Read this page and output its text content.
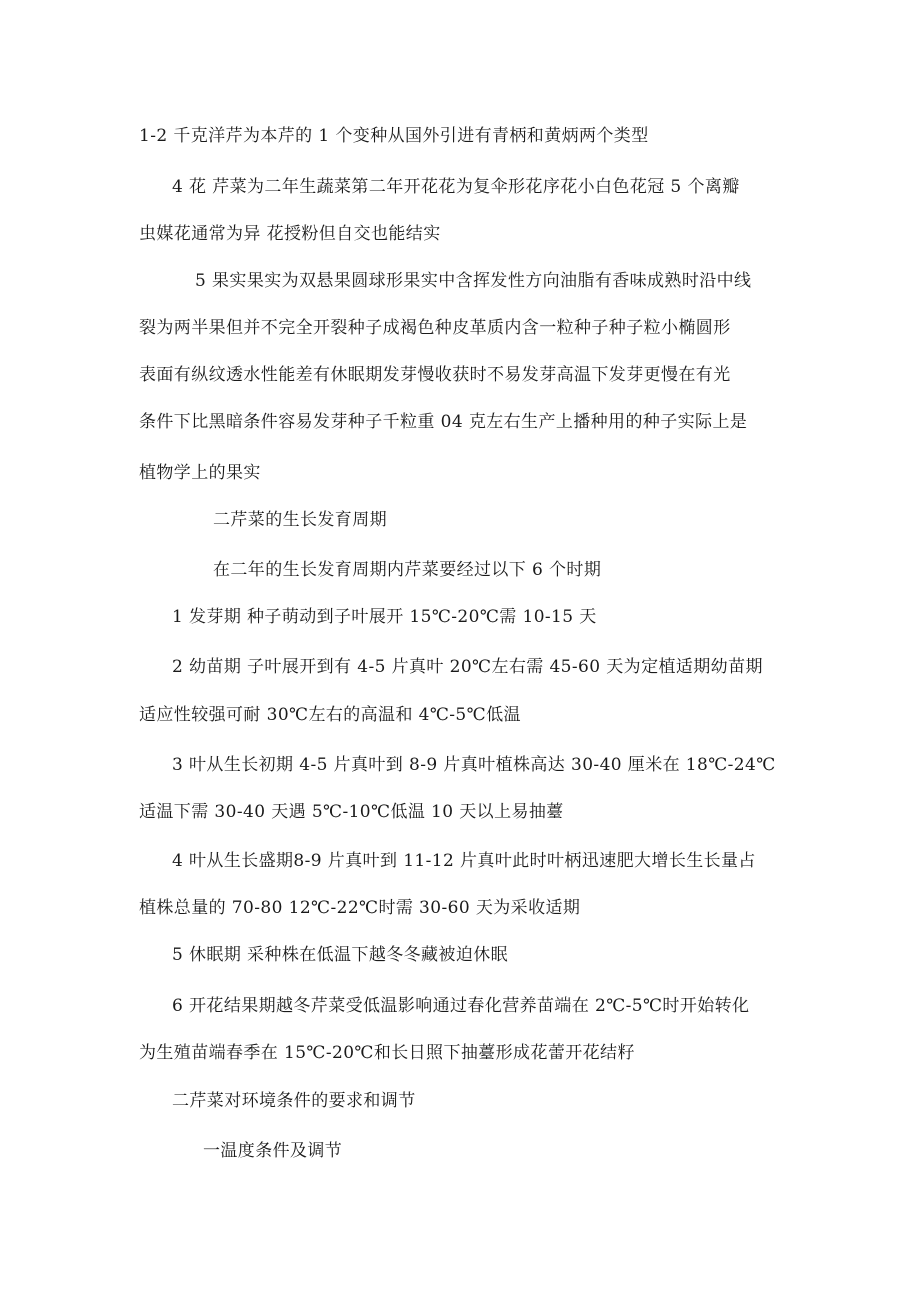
1-2 千克洋芹为本芹的 1 个变种从国外引进有青柄和黄炳两个类型
4 花 芹菜为二年生蔬菜第二年开花花为复伞形花序花小白色花冠 5 个离瓣
虫媒花通常为异 花授粉但自交也能结实
5 果实果实为双悬果圆球形果实中含挥发性方向油脂有香味成熟时沿中线
裂为两半果但并不完全开裂种子成褐色种皮革质内含一粒种子种子粒小椭圆形
表面有纵纹透水性能差有休眠期发芽慢收获时不易发芽高温下发芽更慢在有光
条件下比黑暗条件容易发芽种子千粒重 04 克左右生产上播种用的种子实际上是
植物学上的果实
二芹菜的生长发育周期
在二年的生长发育周期内芹菜要经过以下 6 个时期
1 发芽期 种子萌动到子叶展开 15℃-20℃需 10-15 天
2 幼苗期 子叶展开到有 4-5 片真叶 20℃左右需 45-60 天为定植适期幼苗期
适应性较强可耐 30℃左右的高温和 4℃-5℃低温
3 叶从生长初期 4-5 片真叶到 8-9 片真叶植株高达 30-40 厘米在 18℃-24℃
适温下需 30-40 天遇 5℃-10℃低温 10 天以上易抽薹
4 叶从生长盛期8-9 片真叶到 11-12 片真叶此时叶柄迅速肥大增长生长量占
植株总量的 70-80 12℃-22℃时需 30-60 天为采收适期
5 休眠期 采种株在低温下越冬冬藏被迫休眠
6 开花结果期越冬芹菜受低温影响通过春化营养苗端在 2℃-5℃时开始转化
为生殖苗端春季在 15℃-20℃和长日照下抽薹形成花蕾开花结籽
二芹菜对环境条件的要求和调节
一温度条件及调节
